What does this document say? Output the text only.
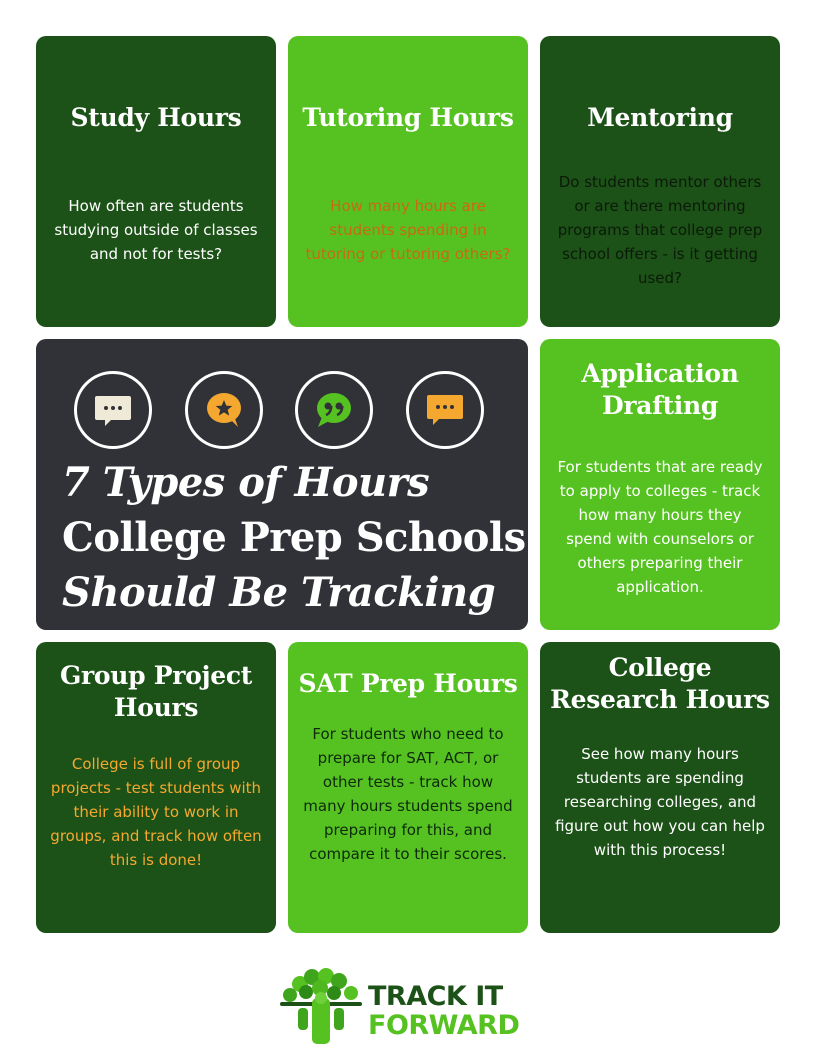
Study Hours

How often are students studying outside of classes and not for tests?

Tutoring Hours

How many hours are students spending in tutoring or tutoring others?

Mentoring

Do students mentor others or are there mentoring programs that college prep school offers - is it getting used?

7 Types of Hours
College Prep Schools
Should Be Tracking
Application
Drafting

For students that are ready to apply to colleges - track how many hours they spend with counselors or others preparing their application.

Group Project
Hours

College is full of group projects - test students with their ability to work in groups, and track how often this is done!

SAT Prep Hours

For students who need to prepare for SAT, ACT, or other tests - track how many hours students spend preparing for this, and compare it to their scores.

College
Research Hours

See how many hours students are spending researching colleges, and figure out how you can help with this process!

TRACK IT
FORWARD
